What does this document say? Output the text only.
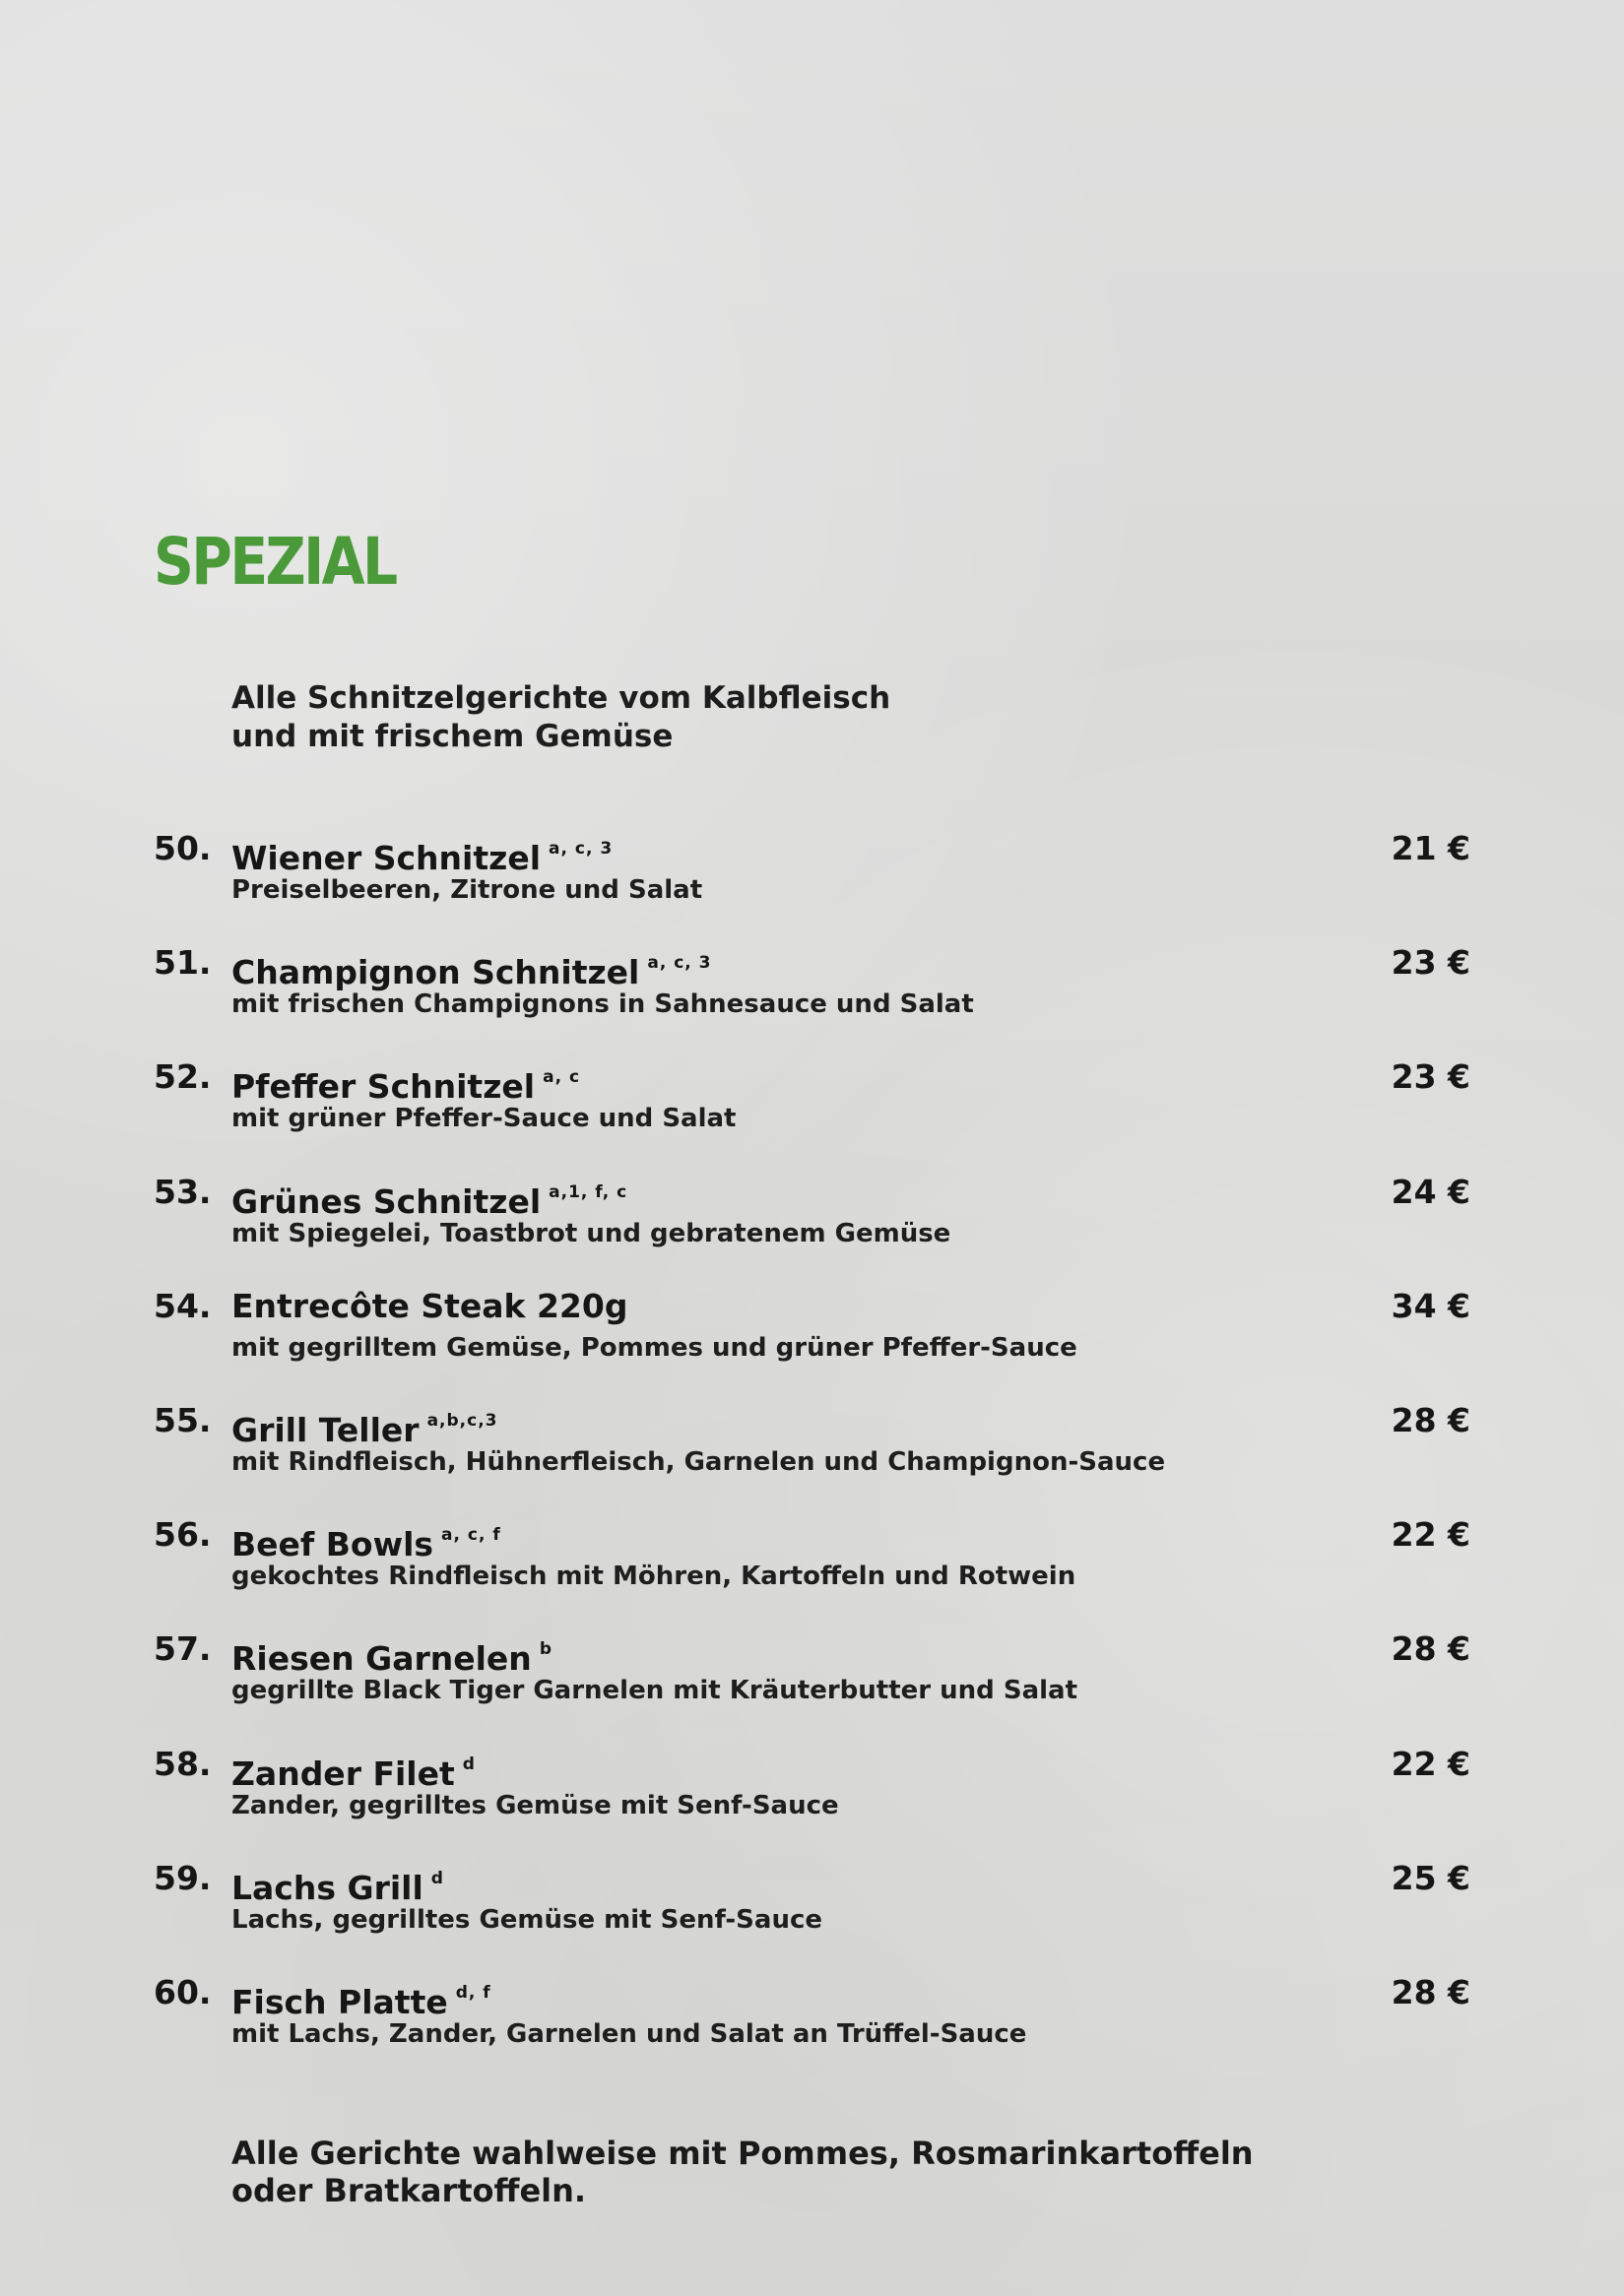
SPEZIAL

Alle Schnitzelgerichte vom Kalbfleisch
und mit frischem Gemüse

50. Wiener Schnitzel $^{a, c, 3}$
Preiselbeeren, Zitrone und Salat
21 €
51. Champignon Schnitzel $^{a, c, 3}$
mit frischen Champignons in Sahnesauce und Salat
23 €
52. Pfeffer Schnitzel $^{a, c}$
mit grüner Pfeffer-Sauce und Salat
23 €
53. Grünes Schnitzel $^{a,1, f, c}$
mit Spiegelei, Toastbrot und gebratenem Gemüse
24 €
54. Entrecôte Steak 220g
mit gegrilltem Gemüse, Pommes und grüner Pfeffer-Sauce
34 €
55. Grill Teller $^{a,b,c,3}$
mit Rindfleisch, Hühnerfleisch, Garnelen und Champignon-Sauce
28 €
56. Beef Bowls $^{a, c, f}$
gekochtes Rindfleisch mit Möhren, Kartoffeln und Rotwein
22 €
57. Riesen Garnelen $^b$
gegrillte Black Tiger Garnelen mit Kräuterbutter und Salat
28 €
58. Zander Filet $^d$
Zander, gegrilltes Gemüse mit Senf-Sauce
22 €
59. Lachs Grill $^d$
Lachs, gegrilltes Gemüse mit Senf-Sauce
25 €
60. Fisch Platte $^{d, f}$
mit Lachs, Zander, Garnelen und Salat an Trüffel-Sauce
28 €

Alle Gerichte wahlweise mit Pommes, Rosmarinkartoffeln
oder Bratkartoffeln.
